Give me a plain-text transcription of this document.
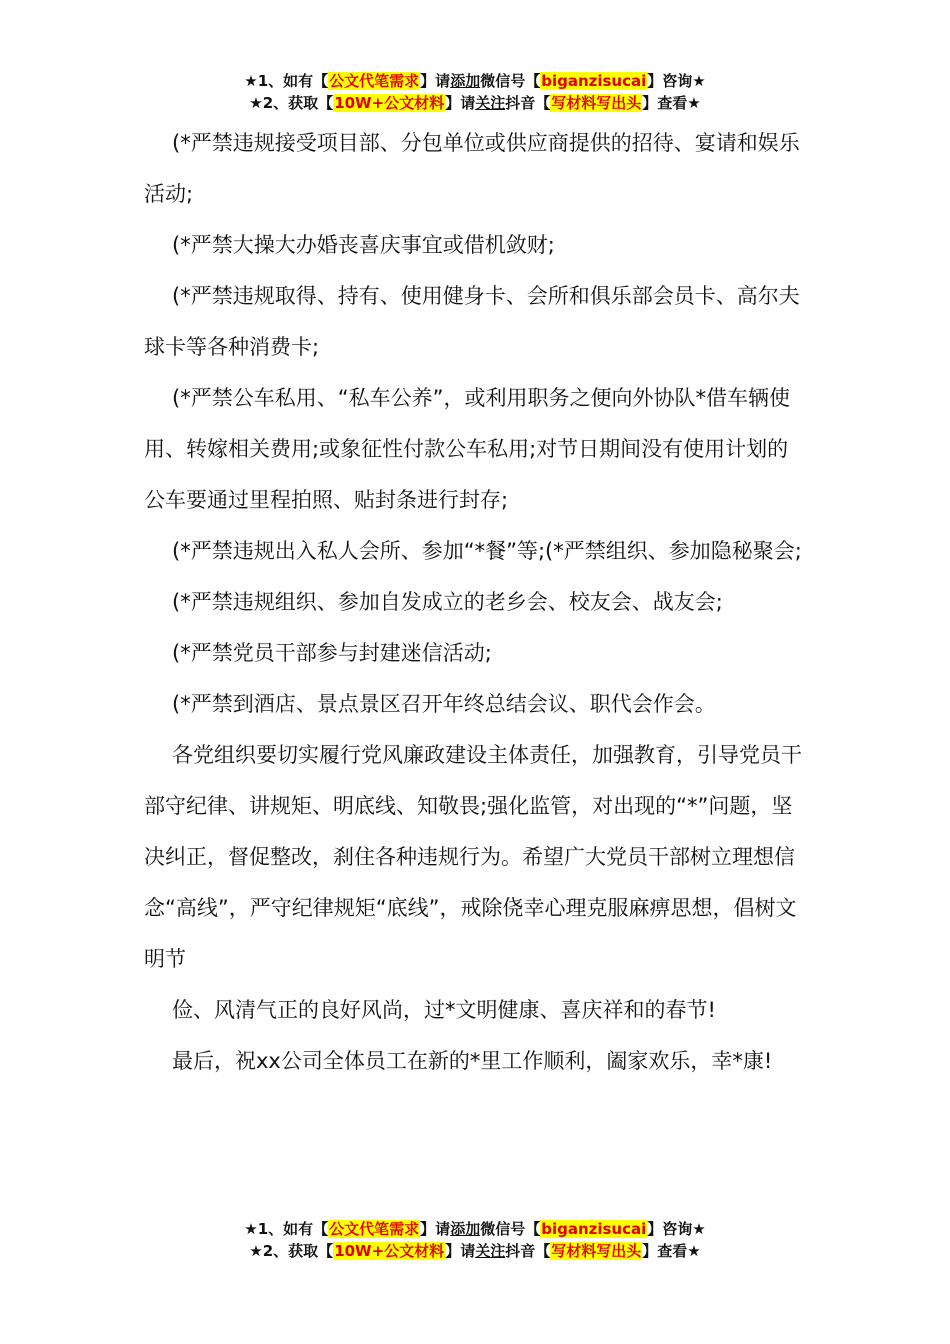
★1、如有【公文代笔需求】请添加微信号【biganzisucai】咨询★
★2、获取【10W+公文材料】请关注抖音【写材料写出头】查看★

(*严禁违规接受项目部、分包单位或供应商提供的招待、宴请和娱乐活动;

(*严禁大操大办婚丧喜庆事宜或借机敛财;

(*严禁违规取得、持有、使用健身卡、会所和俱乐部会员卡、高尔夫球卡等各种消费卡;

(*严禁公车私用、“私车公养”，或利用职务之便向外协队*借车辆使用、转嫁相关费用;或象征性付款公车私用;对节日期间没有使用计划的公车要通过里程拍照、贴封条进行封存;

(*严禁违规出入私人会所、参加“*餐”等;(*严禁组织、参加隐秘聚会;

(*严禁违规组织、参加自发成立的老乡会、校友会、战友会;

(*严禁党员干部参与封建迷信活动;

(*严禁到酒店、景点景区召开年终总结会议、职代会作会。

各党组织要切实履行党风廉政建设主体责任，加强教育，引导党员干部守纪律、讲规矩、明底线、知敬畏;强化监管，对出现的“*”问题，坚决纠正，督促整改，刹住各种违规行为。希望广大党员干部树立理想信念“高线”，严守纪律规矩“底线”，戒除侥幸心理克服麻痹思想，倡树文明节

俭、风清气正的良好风尚，过*文明健康、喜庆祥和的春节!

最后，祝xx公司全体员工在新的*里工作顺利，阖家欢乐，幸*康!

★1、如有【公文代笔需求】请添加微信号【biganzisucai】咨询★
★2、获取【10W+公文材料】请关注抖音【写材料写出头】查看★
